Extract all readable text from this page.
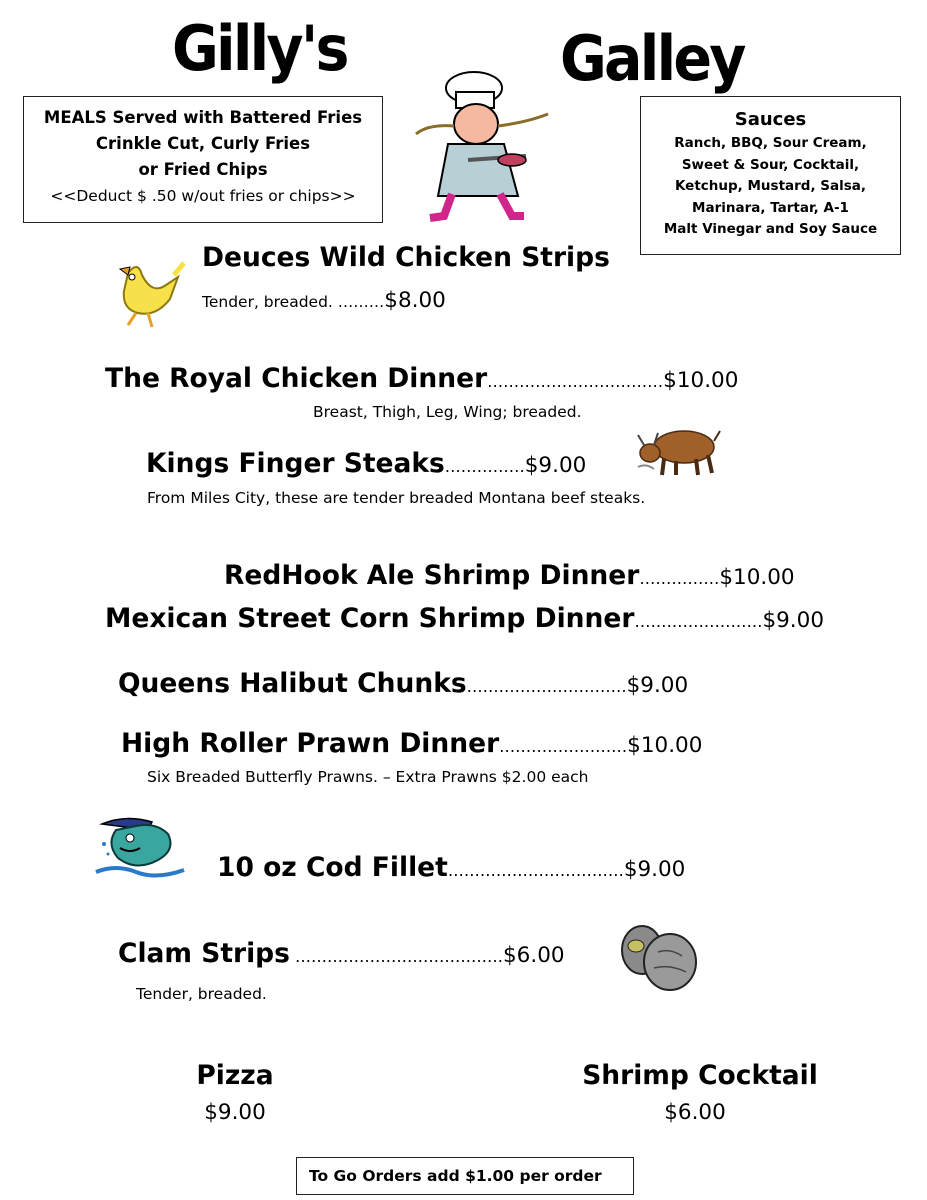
Gilly's	Galley
MEALS Served with Battered Fries
Crinkle Cut, Curly Fries
or Fried Chips
<<Deduct $ .50 w/out fries or chips>>
Sauces
Ranch, BBQ, Sour Cream,
Sweet & Sour, Cocktail,
Ketchup, Mustard, Salsa,
Marinara, Tartar, A-1
Malt Vinegar and Soy Sauce
Deuces Wild Chicken Strips
Tender, breaded. ………$8.00
The Royal Chicken Dinner……………………………$10.00
Breast, Thigh, Leg, Wing; breaded.
Kings Finger Steaks……………$9.00
From Miles City, these are tender breaded Montana beef steaks.
RedHook Ale Shrimp Dinner……………$10.00
Mexican Street Corn Shrimp Dinner……………………$9.00
Queens Halibut Chunks…………………………$9.00
High Roller Prawn Dinner……………………$10.00
Six Breaded Butterfly Prawns. – Extra Prawns $2.00 each
10 oz Cod Fillet……………………………$9.00
Clam Strips …………………………………$6.00
Tender, breaded.
Pizza
$9.00
Shrimp Cocktail
$6.00
To Go Orders add $1.00 per order
